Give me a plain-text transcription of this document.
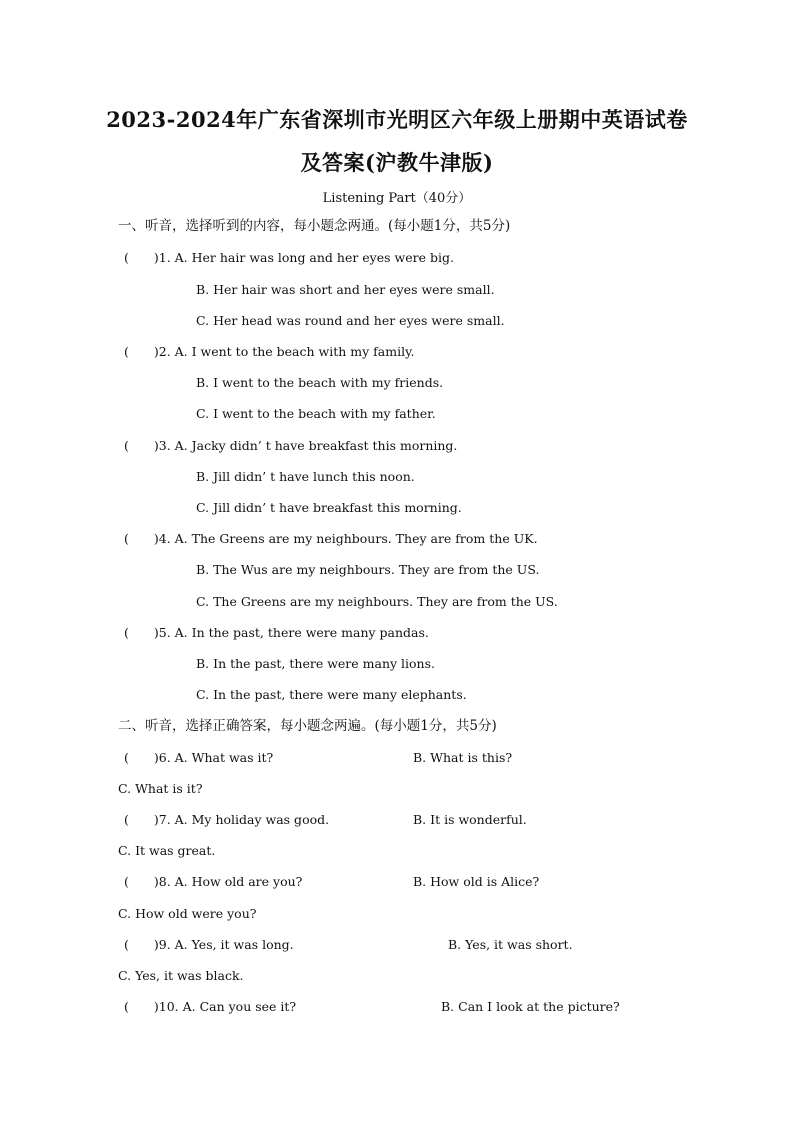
2023-2024年广东省深圳市光明区六年级上册期中英语试卷
及答案(沪教牛津版)
Listening Part（40分）
一、听音，选择听到的内容，每小题念两通。(每小题1分，共5分)
(　　)1. A. Her hair was long and her eyes were big.
B. Her hair was short and her eyes were small.
C. Her head was round and her eyes were small.
(　　)2. A. I went to the beach with my family.
B. I went to the beach with my friends.
C. I went to the beach with my father.
(　　)3. A. Jacky didn’ t have breakfast this morning.
B. Jill didn’ t have lunch this noon.
C. Jill didn’ t have breakfast this morning.
(　　)4. A. The Greens are my neighbours. They are from the UK.
B. The Wus are my neighbours. They are from the US.
C. The Greens are my neighbours. They are from the US.
(　　)5. A. In the past, there were many pandas.
B. In the past, there were many lions.
C. In the past, there were many elephants.
二、听音，选择正确答案，每小题念两遍。(每小题1分，共5分)
(　　)6. A. What was it?	B. What is this?
C. What is it?
(　　)7. A. My holiday was good.	B. It is wonderful.
C. It was great.
(　　)8. A. How old are you?	B. How old is Alice?
C. How old were you?
(　　)9. A. Yes, it was long.	B. Yes, it was short.
C. Yes, it was black.
(　　)10. A. Can you see it?	B. Can I look at the picture?
